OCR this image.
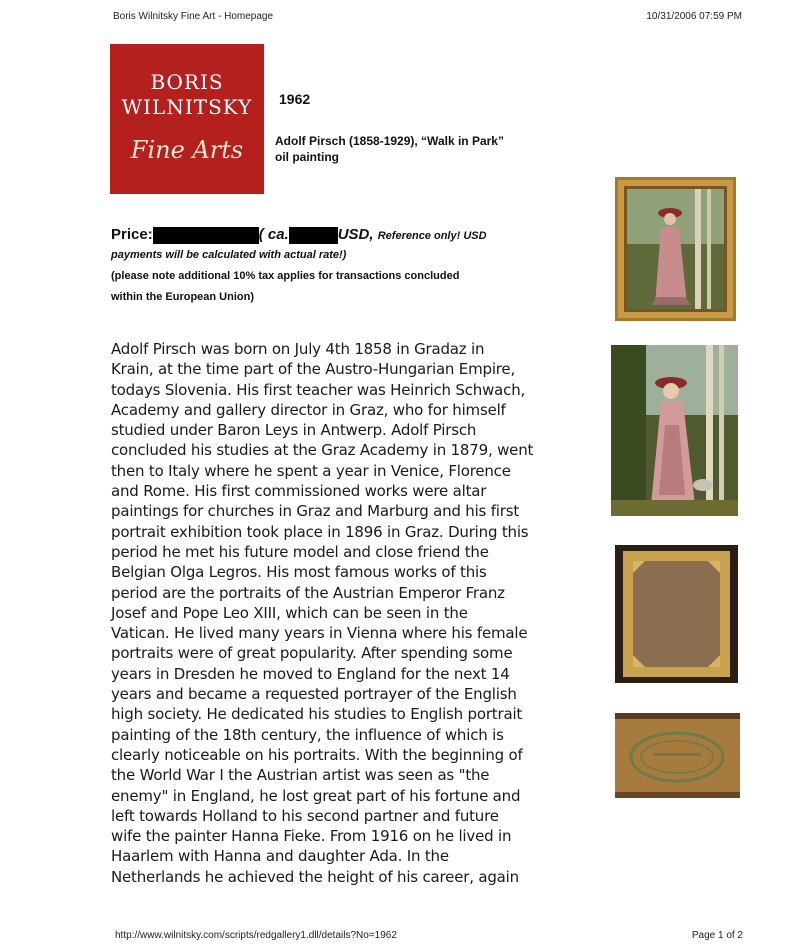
Boris Wilnitsky Fine Art - Homepage	10/31/2006 07:59 PM
BORIS
WILNITSKY
Fine Arts
1962
Adolf Pirsch (1858-1929), “Walk in Park”
oil painting
Price:	( ca.	USD, Reference only! USD
payments will be calculated with actual rate!)
(please note additional 10% tax applies for transactions concluded
within the European Union)
Adolf Pirsch was born on July 4th 1858 in Gradaz in
Krain, at the time part of the Austro-Hungarian Empire,
todays Slovenia. His first teacher was Heinrich Schwach,
Academy and gallery director in Graz, who for himself
studied under Baron Leys in Antwerp. Adolf Pirsch
concluded his studies at the Graz Academy in 1879, went
then to Italy where he spent a year in Venice, Florence
and Rome. His first commissioned works were altar
paintings for churches in Graz and Marburg and his first
portrait exhibition took place in 1896 in Graz. During this
period he met his future model and close friend the
Belgian Olga Legros. His most famous works of this
period are the portraits of the Austrian Emperor Franz
Josef and Pope Leo XIII, which can be seen in the
Vatican. He lived many years in Vienna where his female
portraits were of great popularity. After spending some
years in Dresden he moved to England for the next 14
years and became a requested portrayer of the English
high society. He dedicated his studies to English portrait
painting of the 18th century, the influence of which is
clearly noticeable on his portraits. With the beginning of
the World War I the Austrian artist was seen as "the
enemy" in England, he lost great part of his fortune and
left towards Holland to his second partner and future
wife the painter Hanna Fieke. From 1916 on he lived in
Haarlem with Hanna and daughter Ada. In the
Netherlands he achieved the height of his career, again
http://www.wilnitsky.com/scripts/redgallery1.dll/details?No=1962	Page 1 of 2
